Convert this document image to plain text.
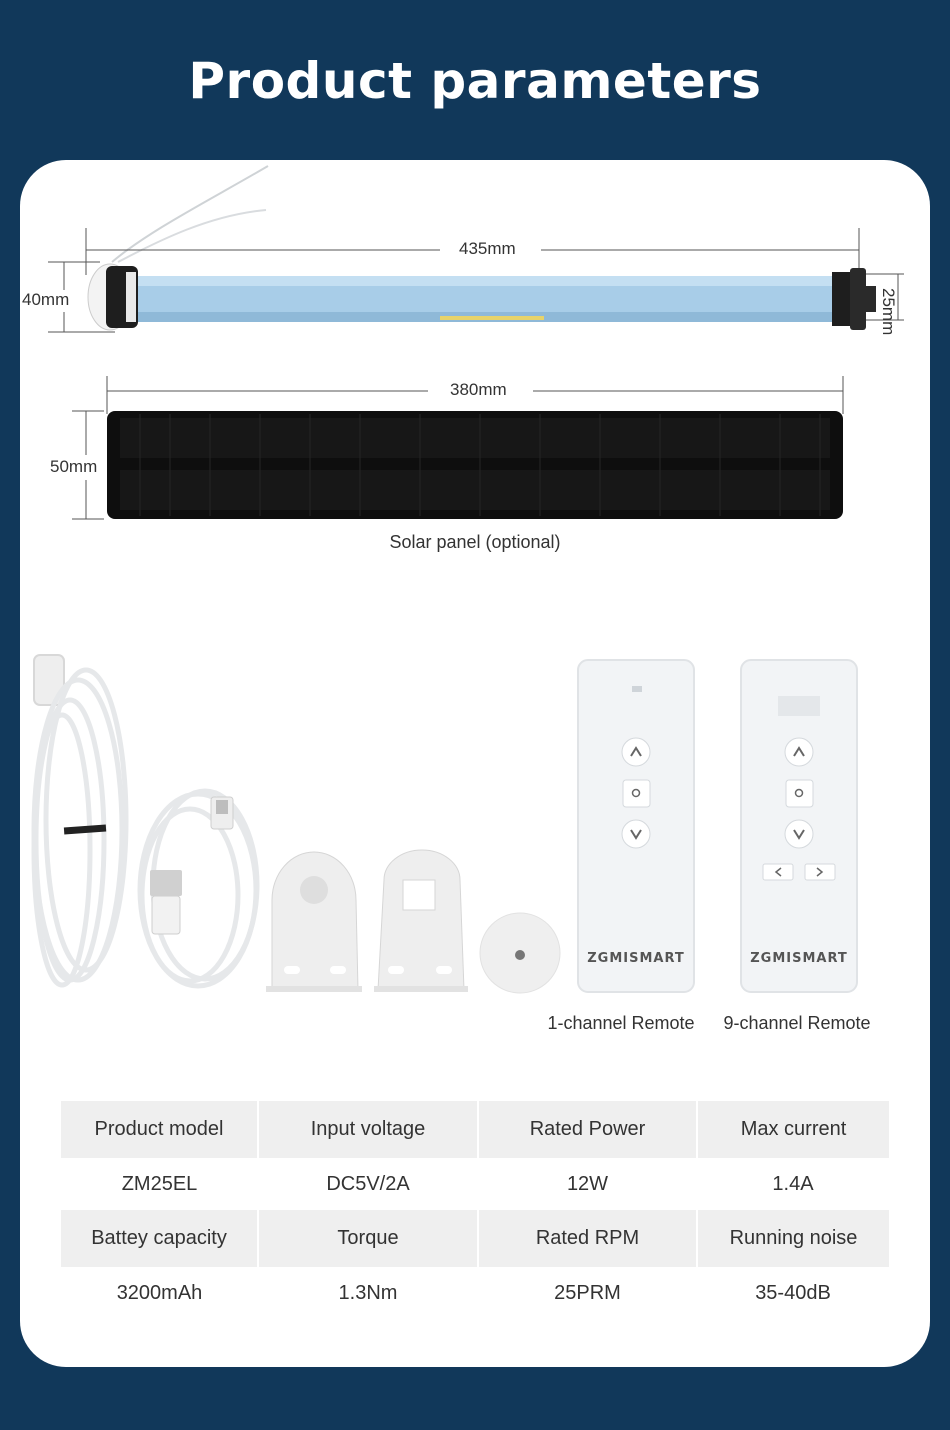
Product parameters
435mm
40mm	25mm
380mm
50mm
Solar panel (optional)
ZGMISMART	ZGMISMART
1-channel Remote	9-channel Remote
Product model	Input voltage	Rated Power	Max current
ZM25EL	DC5V/2A	12W	1.4A
Battey capacity	Torque	Rated RPM	Running noise
3200mAh	1.3Nm	25PRM	35-40dB
